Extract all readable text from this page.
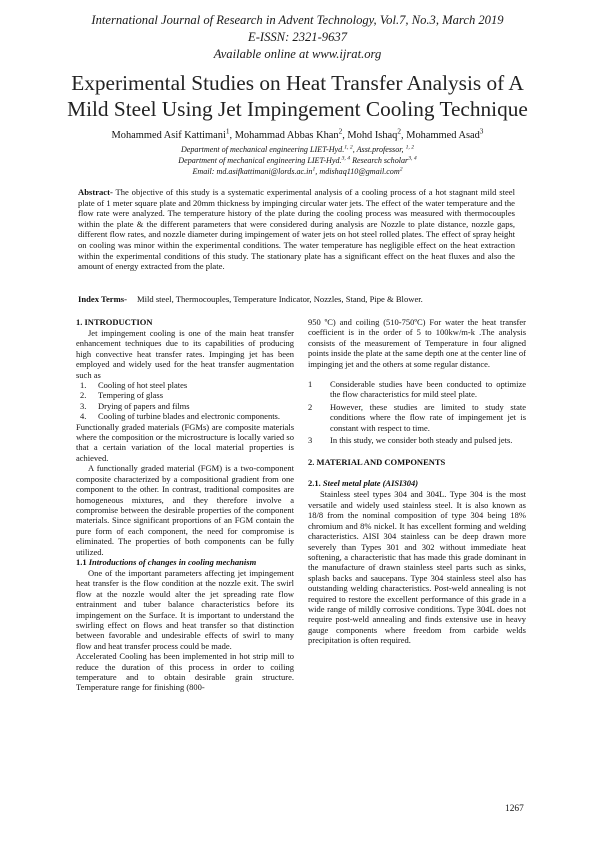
International Journal of Research in Advent Technology, Vol.7, No.3, March 2019
E-ISSN: 2321-9637
Available online at www.ijrat.org
Experimental Studies on Heat Transfer Analysis of A
Mild Steel Using Jet Impingement Cooling Technique
Mohammed Asif Kattimani$^1$, Mohammad Abbas Khan$^2$, Mohd Ishaq$^2$, Mohammed Asad$^3$
Department of mechanical engineering LIET-Hyd.$^{1, 2}$, Asst.professor, $^{1, 2}$
Department of mechanical engineering LIET-Hyd.$^{3, 4}$ Research scholar$^{3, 4}$
Email: $md.asifkattimani@lords.ac.in^1$, mdishaq110@gmail.com$^2$
Abstract- The objective of this study is a systematic experimental analysis of a cooling process of a hot stagnant mild steel plate of 1 meter square plate and 20mm thickness by impinging circular water jets. The effect of the water temperature and the flow rate were analyzed. The temperature history of the plate during the cooling process was measured with thermocouples within the plate & the different parameters that were considered during analysis are Nozzle to plate distance, nozzle gaps, different flow rates, and nozzle diameter during impingement of water jets on hot steel rolled plates. The effect of spray height on cooling was minor within the experimental conditions. The water temperature has negligible effect on the heat extraction within the experimental conditions of this study. The stationary plate has a significant effect on the heat fluxes and also the amount of energy extracted from the plate.
Index Terms- Mild steel, Thermocouples, Temperature Indicator, Nozzles, Stand, Pipe & Blower.
1. INTRODUCTION

Jet impingement cooling is one of the main heat transfer enhancement techniques due to its capabilities of producing high convective heat transfer rates. Impinging jet has been employed and widely used for the heat transfer augmentation such as

1. Cooling of hot steel plates
2. Tempering of glass
3. Drying of papers and films
4. Cooling of turbine blades and electronic components.

Functionally graded materials (FGMs) are composite materials where the composition or the microstructure is locally varied so that a certain variation of the local material properties is achieved.

A functionally graded material (FGM) is a two-component composite characterized by a compositional gradient from one component to the other. In contrast, traditional composites are homogeneous mixtures, and they therefore involve a compromise between the desirable properties of the component materials. Since significant proportions of an FGM contain the pure form of each component, the need for compromise is eliminated. The properties of both components can be fully utilized.

1.1 Introductions of changes in cooling mechanism

One of the important parameters affecting jet impingement heat transfer is the flow condition at the nozzle exit. The swirl flow at the nozzle would alter the jet spreading rate flow entrainment and tuber balance characteristics before its impingement on the Surface. It is important to understand the swirling effect on flows and heat transfer so that distinction between favorable and undesirable effects of swirl to many flow and heat transfer process could be made.

Accelerated Cooling has been implemented in hot strip mill to reduce the duration of this process in order to coiling temperature and to obtain desirable grain structure. Temperature range for finishing (800-

950 ºC) and coiling (510-750ºC) For water the heat transfer coefficient is in the order of 5 to 100kw/m-k .The analysis consists of the measurement of Temperature in four aligned points inside the plate at the same depth one at the center line of impinging jet and the others at some regular distance.

1 Considerable studies have been conducted to optimize the flow characteristics for mild steel plate.
2 However, these studies are limited to study state conditions where the flow rate of impingement jet is constant with respect to time.
3 In this study, we consider both steady and pulsed jets.
2. MATERIAL AND COMPONENTS
2.1. Steel metal plate (AISI304)

Stainless steel types 304 and 304L. Type 304 is the most versatile and widely used stainless steel. It is also known as 18/8 from the nominal composition of type 304 being 18% chromium and 8% nickel. It has excellent forming and welding characteristics. AISI 304 stainless can be deep drawn more severely than Types 301 and 302 without immediate heat softening, a characteristic that has made this grade dominant in the manufacture of drawn stainless steel parts such as sinks, splash backs and saucepans. Type 304 stainless steel also has outstanding welding characteristics. Post-weld annealing is not required to restore the excellent performance of this grade in a wide range of mildly corrosive conditions. Type 304L does not require post-weld annealing and finds extensive use in heavy gauge components where freedom from carbide welds precipitation is often required.

1267
